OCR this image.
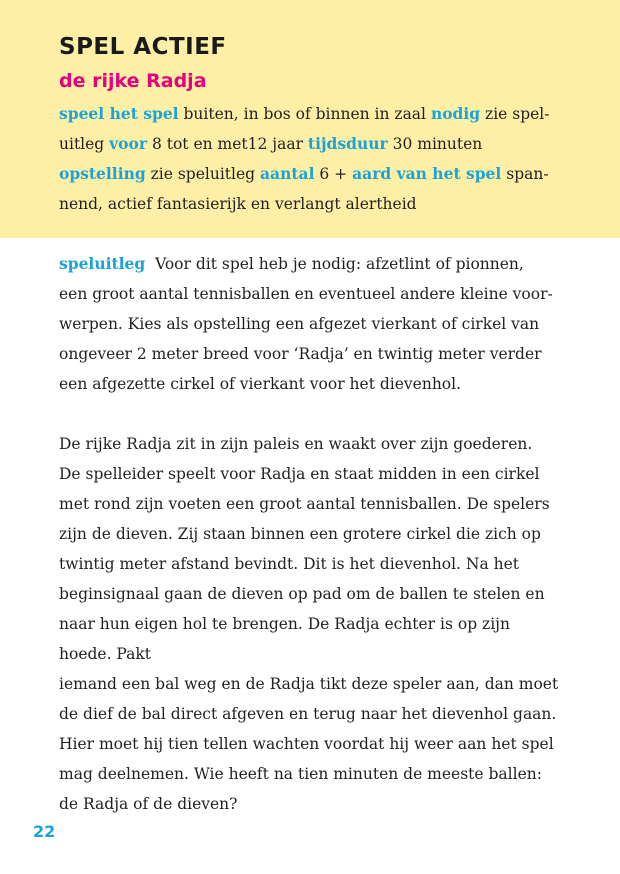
SPEL ACTIEF
de rijke Radja
speel het spel buiten, in bos of binnen in zaal nodig zie spel-
uitleg voor 8 tot en met12 jaar tijdsduur 30 minuten
opstelling zie speluitleg aantal 6 + aard van het spel span-
nend, actief fantasierijk en verlangt alertheid
speluitleg  Voor dit spel heb je nodig: afzetlint of pionnen,
een groot aantal tennisballen en eventueel andere kleine voor-
werpen. Kies als opstelling een afgezet vierkant of cirkel van
ongeveer 2 meter breed voor ‘Radja’ en twintig meter verder
een afgezette cirkel of vierkant voor het dievenhol.
De rijke Radja zit in zijn paleis en waakt over zijn goederen.
De spelleider speelt voor Radja en staat midden in een cirkel
met rond zijn voeten een groot aantal tennisballen. De spelers
zijn de dieven. Zij staan binnen een grotere cirkel die zich op
twintig meter afstand bevindt. Dit is het dievenhol. Na het
beginsignaal gaan de dieven op pad om de ballen te stelen en
naar hun eigen hol te brengen. De Radja echter is op zijn
hoede. Pakt
iemand een bal weg en de Radja tikt deze speler aan, dan moet
de dief de bal direct afgeven en terug naar het dievenhol gaan.
Hier moet hij tien tellen wachten voordat hij weer aan het spel
mag deelnemen. Wie heeft na tien minuten de meeste ballen:
de Radja of de dieven?
22
